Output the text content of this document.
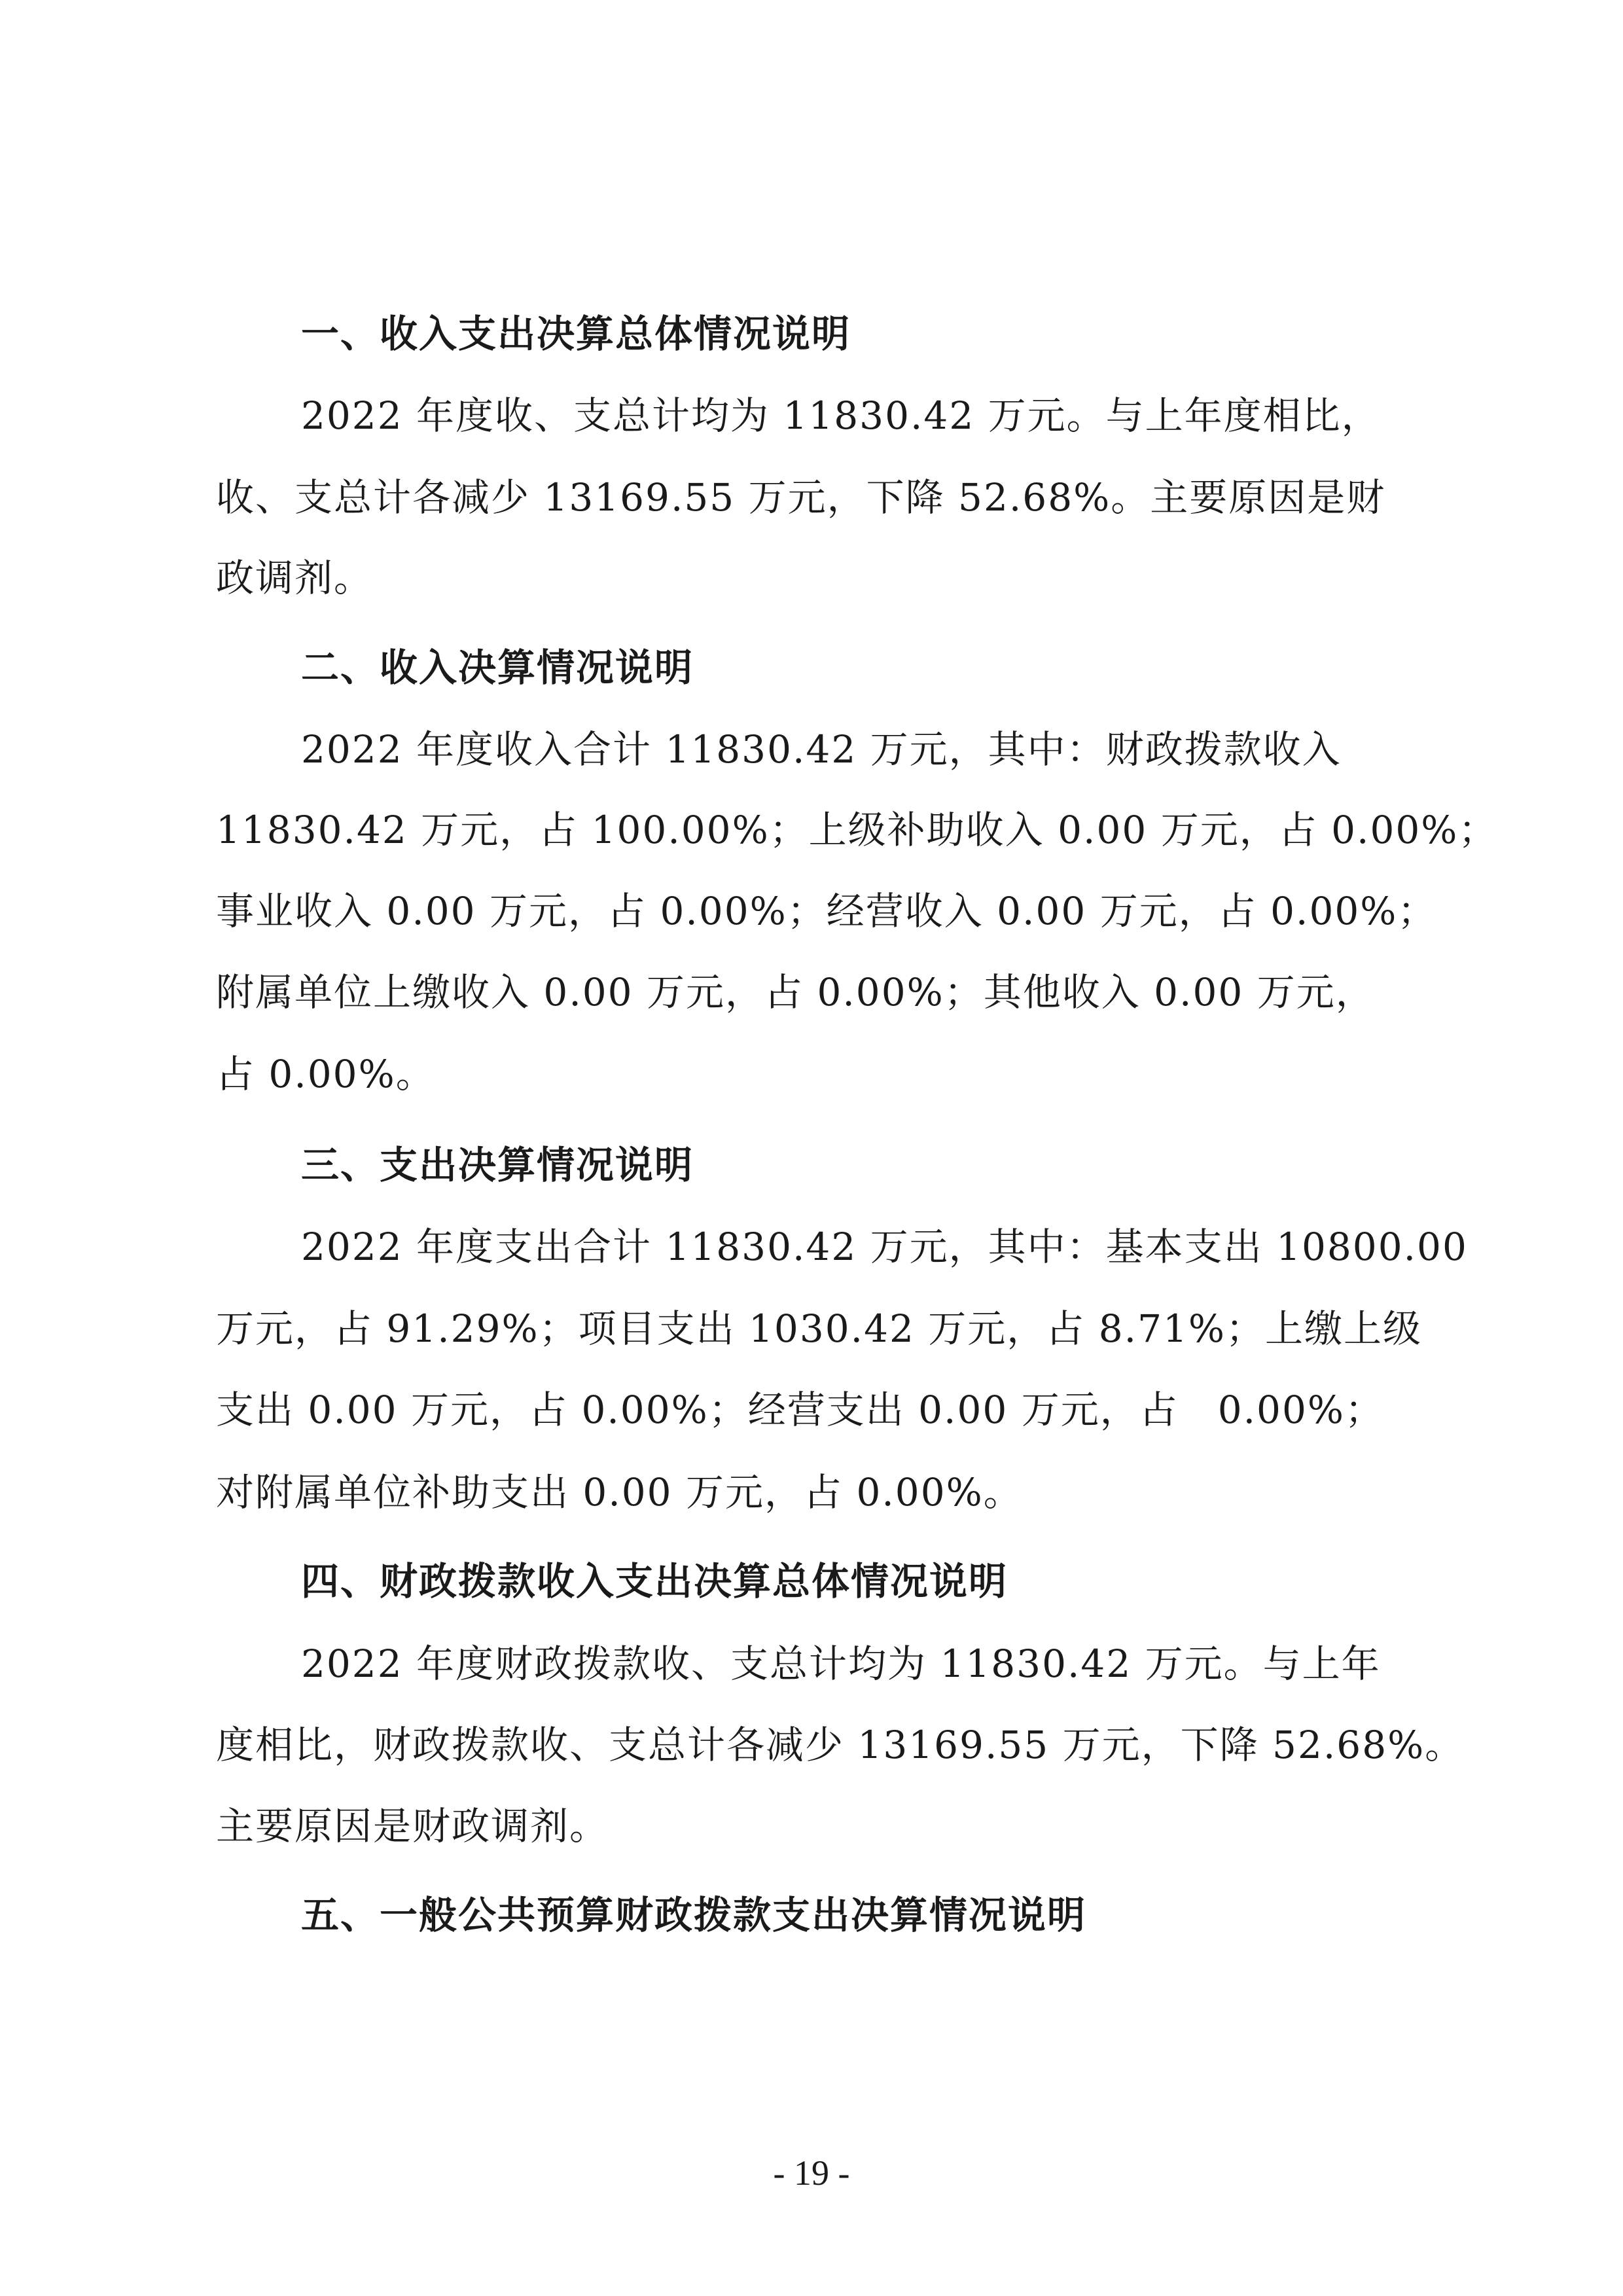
一、收入支出决算总体情况说明
2022 年度收、支总计均为 11830.42 万元。与上年度相比，
收、支总计各减少 13169.55 万元，下降 52.68%。主要原因是财
政调剂。
二、收入决算情况说明
2022 年度收入合计 11830.42 万元，其中：财政拨款收入
11830.42 万元，占 100.00%；上级补助收入 0.00 万元，占 0.00%；
事业收入 0.00 万元，占 0.00%；经营收入 0.00 万元，占 0.00%；
附属单位上缴收入 0.00 万元，占 0.00%；其他收入 0.00 万元，
占 0.00%。
三、支出决算情况说明
2022 年度支出合计 11830.42 万元，其中：基本支出 10800.00
万元，占 91.29%；项目支出 1030.42 万元，占 8.71%；上缴上级
支出 0.00 万元，占 0.00%；经营支出 0.00 万元，占　0.00%；
对附属单位补助支出 0.00 万元，占 0.00%。
四、财政拨款收入支出决算总体情况说明
2022 年度财政拨款收、支总计均为 11830.42 万元。与上年
度相比，财政拨款收、支总计各减少 13169.55 万元，下降 52.68%。
主要原因是财政调剂。
五、一般公共预算财政拨款支出决算情况说明
- 19 -
